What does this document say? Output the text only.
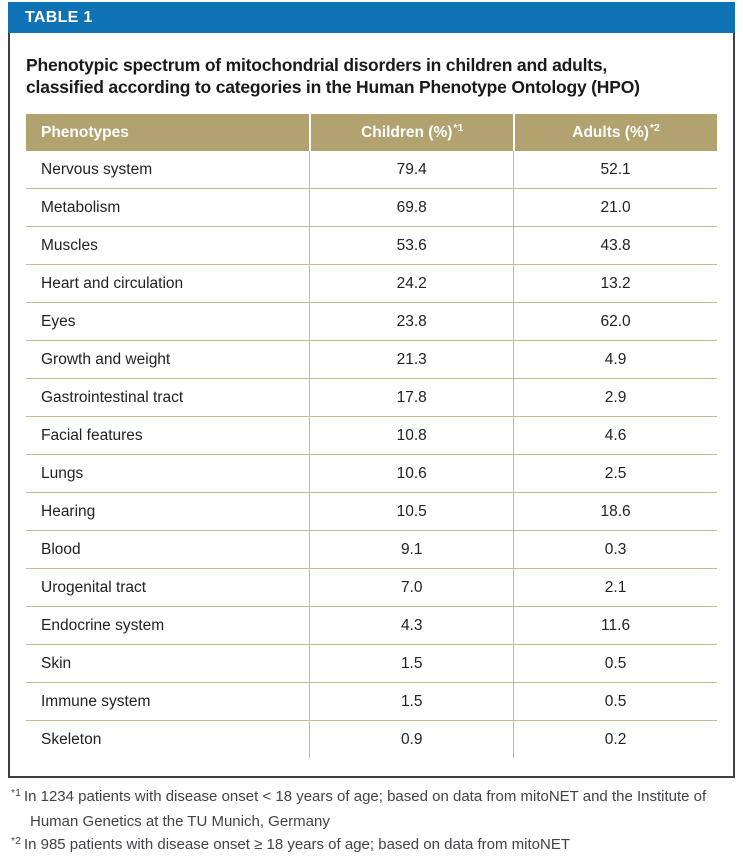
TABLE 1
Phenotypic spectrum of mitochondrial disorders in children and adults,
classified according to categories in the Human Phenotype Ontology (HPO)
Phenotypes	Children (%) *1	Adults (%) *2
Nervous system	79.4	52.1
Metabolism	69.8	21.0
Muscles	53.6	43.8
Heart and circulation	24.2	13.2
Eyes	23.8	62.0
Growth and weight	21.3	4.9
Gastrointestinal tract	17.8	2.9
Facial features	10.8	4.6
Lungs	10.6	2.5
Hearing	10.5	18.6
Blood	9.1	0.3
Urogenital tract	7.0	2.1
Endocrine system	4.3	11.6
Skin	1.5	0.5
Immune system	1.5	0.5
Skeleton	0.9	0.2
$^{*1}$ In 1234 patients with disease onset < 18 years of age; based on data from mitoNET and the Institute of Human Genetics at the TU Munich, Germany
$^{*2}$ In 985 patients with disease onset ≥ 18 years of age; based on data from mitoNET
